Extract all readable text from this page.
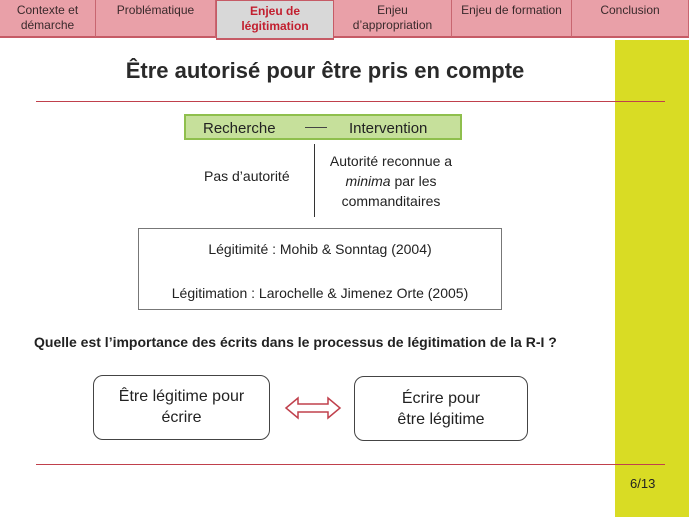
Contexte et
démarche
Problématique	Enjeu de
légitimation
Enjeu
d’appropriation
Enjeu de formation	Conclusion
Être autorisé pour être pris en compte
Recherche	Intervention
Pas d’autorité
Autorité reconnue a
minima par les
commanditaires
Légitimité : Mohib & Sonntag (2004)
Légitimation : Larochelle & Jimenez Orte (2005)
Quelle est l’importance des écrits dans le processus de légitimation de la R-I ?
Être légitime pour
écrire
Écrire pour
être légitime
6/13
